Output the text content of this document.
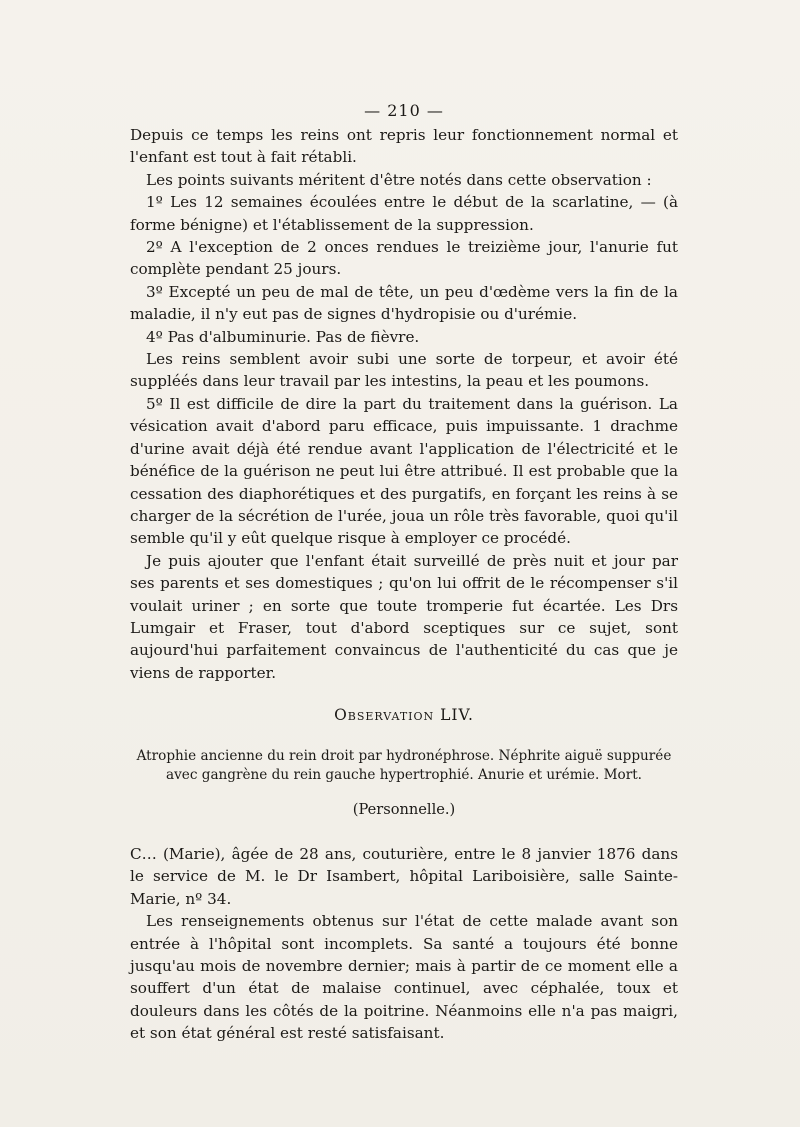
— 210 —

Depuis ce temps les reins ont repris leur fonctionnement normal et l'enfant est tout à fait rétabli.

Les points suivants méritent d'être notés dans cette observation :

1º Les 12 semaines écoulées entre le début de la scarlatine, — (à forme bénigne) et l'établissement de la suppression.

2º A l'exception de 2 onces rendues le treizième jour, l'anurie fut complète pendant 25 jours.

3º Excepté un peu de mal de tête, un peu d'œdème vers la fin de la maladie, il n'y eut pas de signes d'hydropisie ou d'urémie.

4º Pas d'albuminurie. Pas de fièvre.

Les reins semblent avoir subi une sorte de torpeur, et avoir été suppléés dans leur travail par les intestins, la peau et les poumons.

5º Il est difficile de dire la part du traitement dans la guérison. La vésication avait d'abord paru efficace, puis impuissante. 1 drachme d'urine avait déjà été rendue avant l'application de l'électricité et le bénéfice de la guérison ne peut lui être attribué. Il est probable que la cessation des diaphorétiques et des purgatifs, en forçant les reins à se charger de la sécrétion de l'urée, joua un rôle très favorable, quoi qu'il semble qu'il y eût quelque risque à employer ce procédé.

Je puis ajouter que l'enfant était surveillé de près nuit et jour par ses parents et ses domestiques ; qu'on lui offrit de le récompenser s'il voulait uriner ; en sorte que toute tromperie fut écartée. Les Drs Lumgair et Fraser, tout d'abord sceptiques sur ce sujet, sont aujourd'hui parfaitement convaincus de l'authenticité du cas que je viens de rapporter.

Observation LIV.

Atrophie ancienne du rein droit par hydronéphrose. Néphrite aiguë suppurée

avec gangrène du rein gauche hypertrophié. Anurie et urémie. Mort.

(Personnelle.)

C… (Marie), âgée de 28 ans, couturière, entre le 8 janvier 1876 dans le service de M. le Dr Isambert, hôpital Lariboisière, salle Sainte-Marie, nº 34.

Les renseignements obtenus sur l'état de cette malade avant son entrée à l'hôpital sont incomplets. Sa santé a toujours été bonne jusqu'au mois de novembre dernier; mais à partir de ce moment elle a souffert d'un état de malaise continuel, avec céphalée, toux et douleurs dans les côtés de la poitrine. Néanmoins elle n'a pas maigri, et son état général est resté satisfaisant.
